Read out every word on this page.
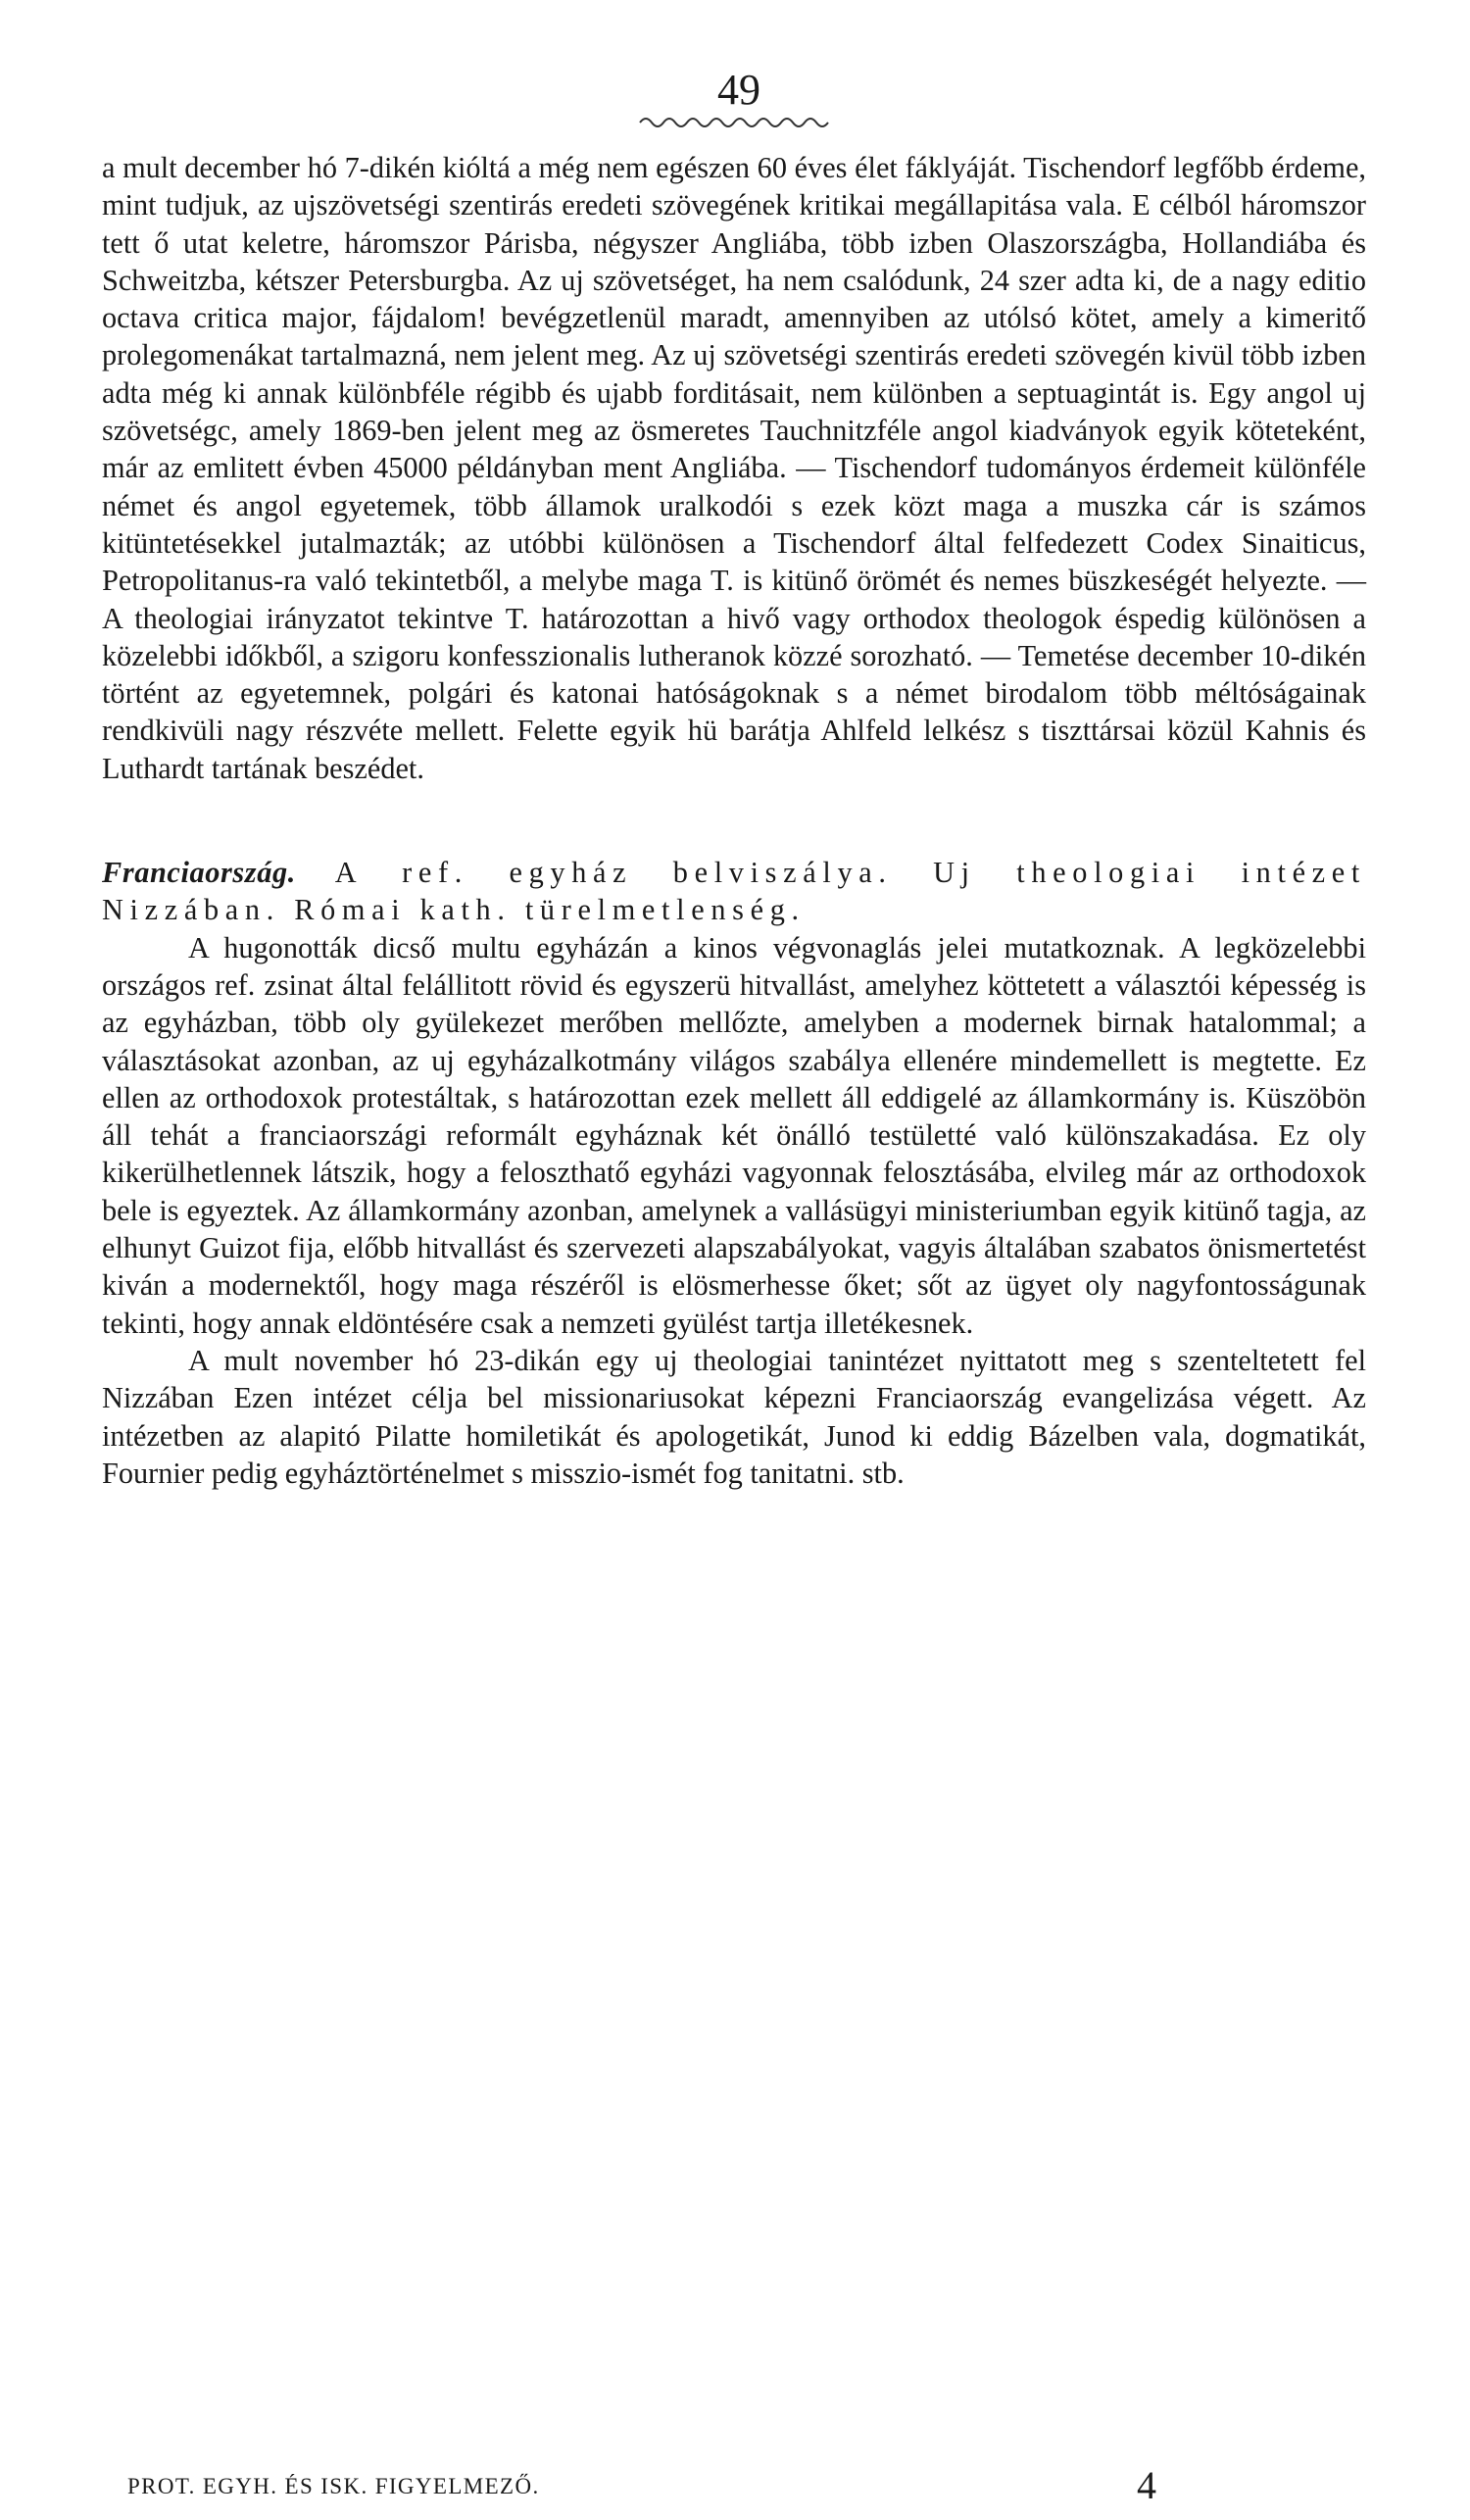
49

a mult december hó 7-dikén kióltá a még nem egészen 60 éves élet fáklyáját. Tischendorf legfőbb érdeme, mint tudjuk, az ujszövetségi szentirás eredeti szövegének kritikai megállapitása vala. E célból háromszor tett ő utat keletre, háromszor Párisba, négyszer Angliába, több izben Olaszországba, Hollandiába és Schweitzba, kétszer Petersburgba. Az uj szövetséget, ha nem csalódunk, 24 szer adta ki, de a nagy editio octava critica major, fájdalom! bevégzetlenül maradt, amennyiben az utólsó kötet, amely a kimeritő prolegomenákat tartalmazná, nem jelent meg. Az uj szövetségi szentirás eredeti szövegén kivül több izben adta még ki annak különbféle régibb és ujabb forditásait, nem különben a septuagintát is. Egy angol uj szövetségc, amely 1869-ben jelent meg az ösmeretes Tauchnitzféle angol kiadványok egyik köteteként, már az emlitett évben 45000 példányban ment Angliába. — Tischendorf tudományos érdemeit különféle német és angol egyetemek, több államok uralkodói s ezek közt maga a muszka cár is számos kitüntetésekkel jutalmazták; az utóbbi különösen a Tischendorf által felfedezett Codex Sinaiticus, Petropolitanus-ra való tekintetből, a melybe maga T. is kitünő örömét és nemes büszkeségét helyezte. — A theologiai irányzatot tekintve T. határozottan a hivő vagy orthodox theologok éspedig különösen a közelebbi időkből, a szigoru konfesszionalis lutheranok közzé sorozható. — Temetése december 10-dikén történt az egyetemnek, polgári és katonai hatóságoknak s a német birodalom több méltóságainak rendkivüli nagy részvéte mellett. Felette egyik hü barátja Ahlfeld lelkész s tiszttársai közül Kahnis és Luthardt tartának beszédet.

Franciaország. A ref. egyház belviszálya. Uj theologiai intézet Nizzában. Római kath. türelmetlenség.

A hugonották dicső multu egyházán a kinos végvonaglás jelei mutatkoznak. A legközelebbi országos ref. zsinat által felállitott rövid és egyszerü hitvallást, amelyhez köttetett a választói képesség is az egyházban, több oly gyülekezet merőben mellőzte, amelyben a modernek birnak hatalommal; a választásokat azonban, az uj egyházalkotmány világos szabálya ellenére mindemellett is megtette. Ez ellen az orthodoxok protestáltak, s határozottan ezek mellett áll eddigelé az államkormány is. Küszöbön áll tehát a franciaországi reformált egyháznak két önálló testületté való különszakadása. Ez oly kikerülhetlennek látszik, hogy a feloszthatő egyházi vagyonnak felosztásába, elvileg már az orthodoxok bele is egyeztek. Az államkormány azonban, amelynek a vallásügyi ministeriumban egyik kitünő tagja, az elhunyt Guizot fija, előbb hitvallást és szervezeti alapszabályokat, vagyis általában szabatos önismertetést kiván a modernektől, hogy maga részéről is elösmerhesse őket; sőt az ügyet oly nagyfontosságunak tekinti, hogy annak eldöntésére csak a nemzeti gyülést tartja illetékesnek.

A mult november hó 23-dikán egy uj theologiai tanintézet nyittatott meg s szenteltetett fel Nizzában Ezen intézet célja bel missionariusokat képezni Franciaország evangelizása végett. Az intézetben az alapitó Pilatte homiletikát és apologetikát, Junod ki eddig Bázelben vala, dogmatikát, Fournier pedig egyháztörténelmet s misszio-ismét fog tanitatni. stb.

PROT. EGYH. ÉS ISK. FIGYELMEZŐ.	4
